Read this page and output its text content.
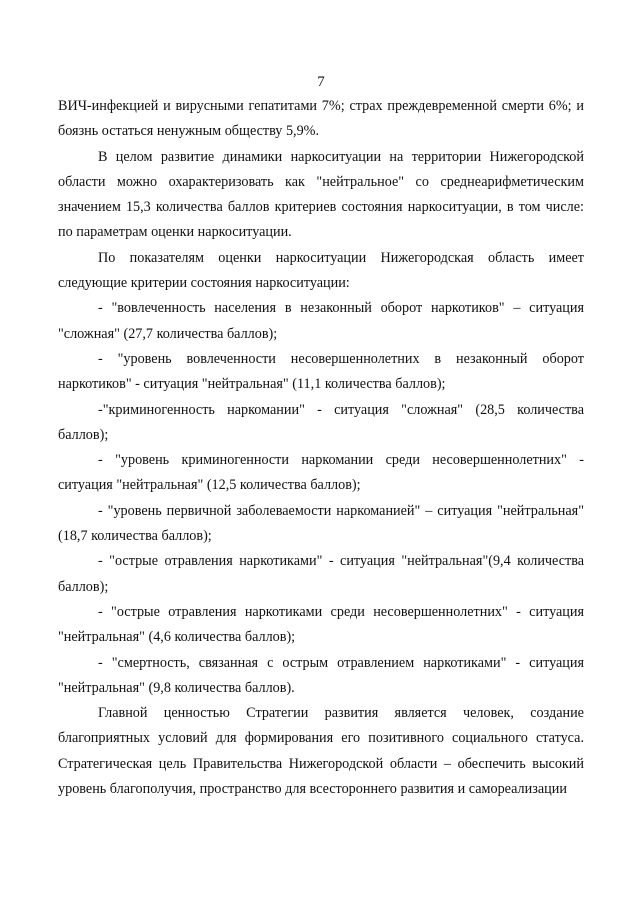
7

ВИЧ-инфекцией и вирусными гепатитами 7%; страх преждевременной смерти 6%; и боязнь остаться ненужным обществу 5,9%.

В целом развитие динамики наркоситуации на территории Нижегородской области можно охарактеризовать как "нейтральное" со среднеарифметическим значением 15,3 количества баллов критериев состояния наркоситуации, в том числе: по параметрам оценки наркоситуации.

По показателям оценки наркоситуации Нижегородская область имеет следующие критерии состояния наркоситуации:

- "вовлеченность населения в незаконный оборот наркотиков" – ситуация "сложная" (27,7 количества баллов);

- "уровень вовлеченности несовершеннолетних в незаконный оборот наркотиков" - ситуация "нейтральная" (11,1 количества баллов);

-"криминогенность наркомании" - ситуация "сложная" (28,5 количества баллов);

- "уровень криминогенности наркомании среди несовершеннолетних" - ситуация "нейтральная" (12,5 количества баллов);

- "уровень первичной заболеваемости наркоманией" – ситуация "нейтральная" (18,7 количества баллов);

- "острые отравления наркотиками" - ситуация "нейтральная"(9,4 количества баллов);

- "острые отравления наркотиками среди несовершеннолетних" - ситуация "нейтральная" (4,6 количества баллов);

- "смертность, связанная с острым отравлением наркотиками" - ситуация "нейтральная" (9,8 количества баллов).

Главной ценностью Стратегии развития является человек, создание благоприятных условий для формирования его позитивного социального статуса. Стратегическая цель Правительства Нижегородской области – обеспечить высокий уровень благополучия, пространство для всестороннего развития и самореализации
